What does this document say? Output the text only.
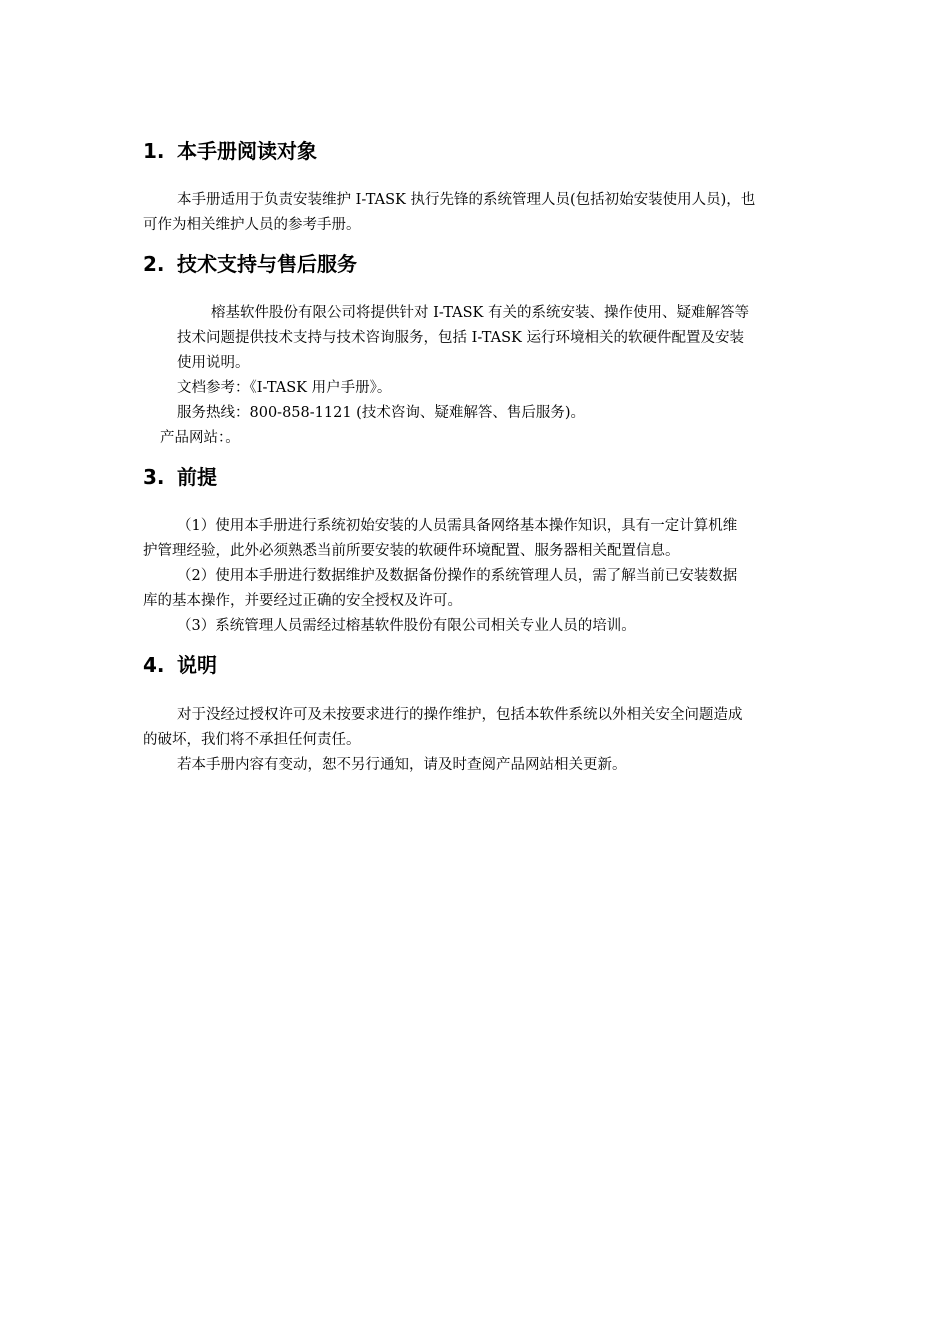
1. 本手册阅读对象
本手册适用于负责安装维护 I-TASK 执行先锋的系统管理人员(包括初始安装使用人员)，也
可作为相关维护人员的参考手册。
2. 技术支持与售后服务
榕基软件股份有限公司将提供针对 I-TASK 有关的系统安装、操作使用、疑难解答等
技术问题提供技术支持与技术咨询服务，包括 I-TASK 运行环境相关的软硬件配置及安装
使用说明。
文档参考：《I-TASK 用户手册》。
服务热线：800-858-1121 (技术咨询、疑难解答、售后服务)。
产品网站：。
3. 前提
（1）使用本手册进行系统初始安装的人员需具备网络基本操作知识，具有一定计算机维
护管理经验，此外必须熟悉当前所要安装的软硬件环境配置、服务器相关配置信息。
（2）使用本手册进行数据维护及数据备份操作的系统管理人员，需了解当前已安装数据
库的基本操作，并要经过正确的安全授权及许可。
（3）系统管理人员需经过榕基软件股份有限公司相关专业人员的培训。
4. 说明
对于没经过授权许可及未按要求进行的操作维护，包括本软件系统以外相关安全问题造成
的破坏，我们将不承担任何责任。
若本手册内容有变动，恕不另行通知，请及时查阅产品网站相关更新。
